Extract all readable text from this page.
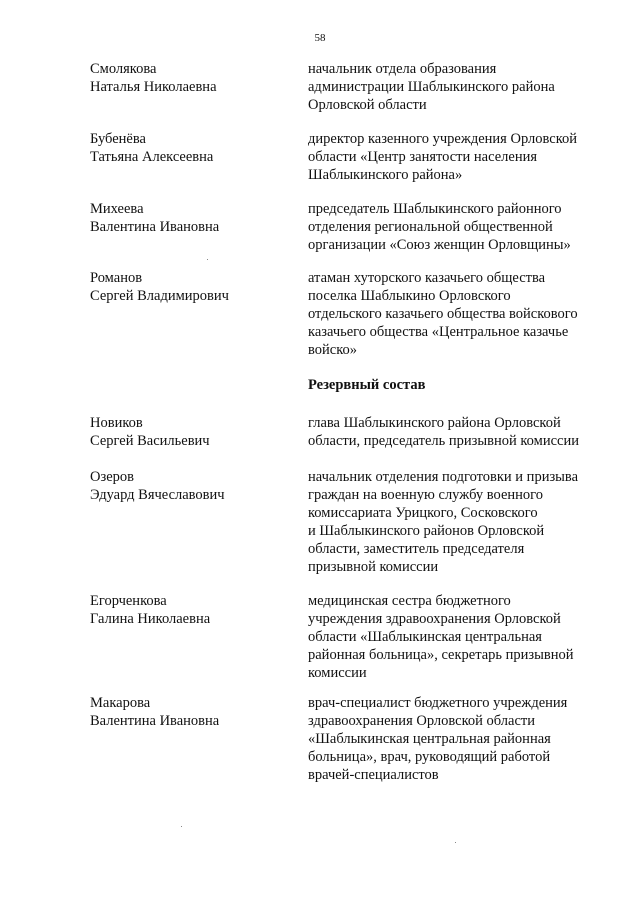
58
Смолякова
Наталья Николаевна
начальник отдела образования
администрации Шаблыкинского района
Орловской области
Бубенёва
Татьяна Алексеевна
директор казенного учреждения Орловской
области «Центр занятости населения
Шаблыкинского района»
Михеева
Валентина Ивановна
председатель Шаблыкинского районного
отделения региональной общественной
организации «Союз женщин Орловщины»
Романов
Сергей Владимирович
атаман хуторского казачьего общества
поселка Шаблыкино Орловского
отдельского казачьего общества войскового
казачьего общества «Центральное казачье
войско»
Резервный состав
Новиков
Сергей Васильевич
глава Шаблыкинского района Орловской
области, председатель призывной комиссии
Озеров
Эдуард Вячеславович
начальник отделения подготовки и призыва
граждан на военную службу военного
комиссариата Урицкого, Сосковского
и Шаблыкинского районов Орловской
области, заместитель председателя
призывной комиссии
Егорченкова
Галина Николаевна
медицинская сестра бюджетного
учреждения здравоохранения Орловской
области «Шаблыкинская центральная
районная больница», секретарь призывной
комиссии
Макарова
Валентина Ивановна
врач-специалист бюджетного учреждения
здравоохранения Орловской области
«Шаблыкинская центральная районная
больница», врач, руководящий работой
врачей-специалистов
